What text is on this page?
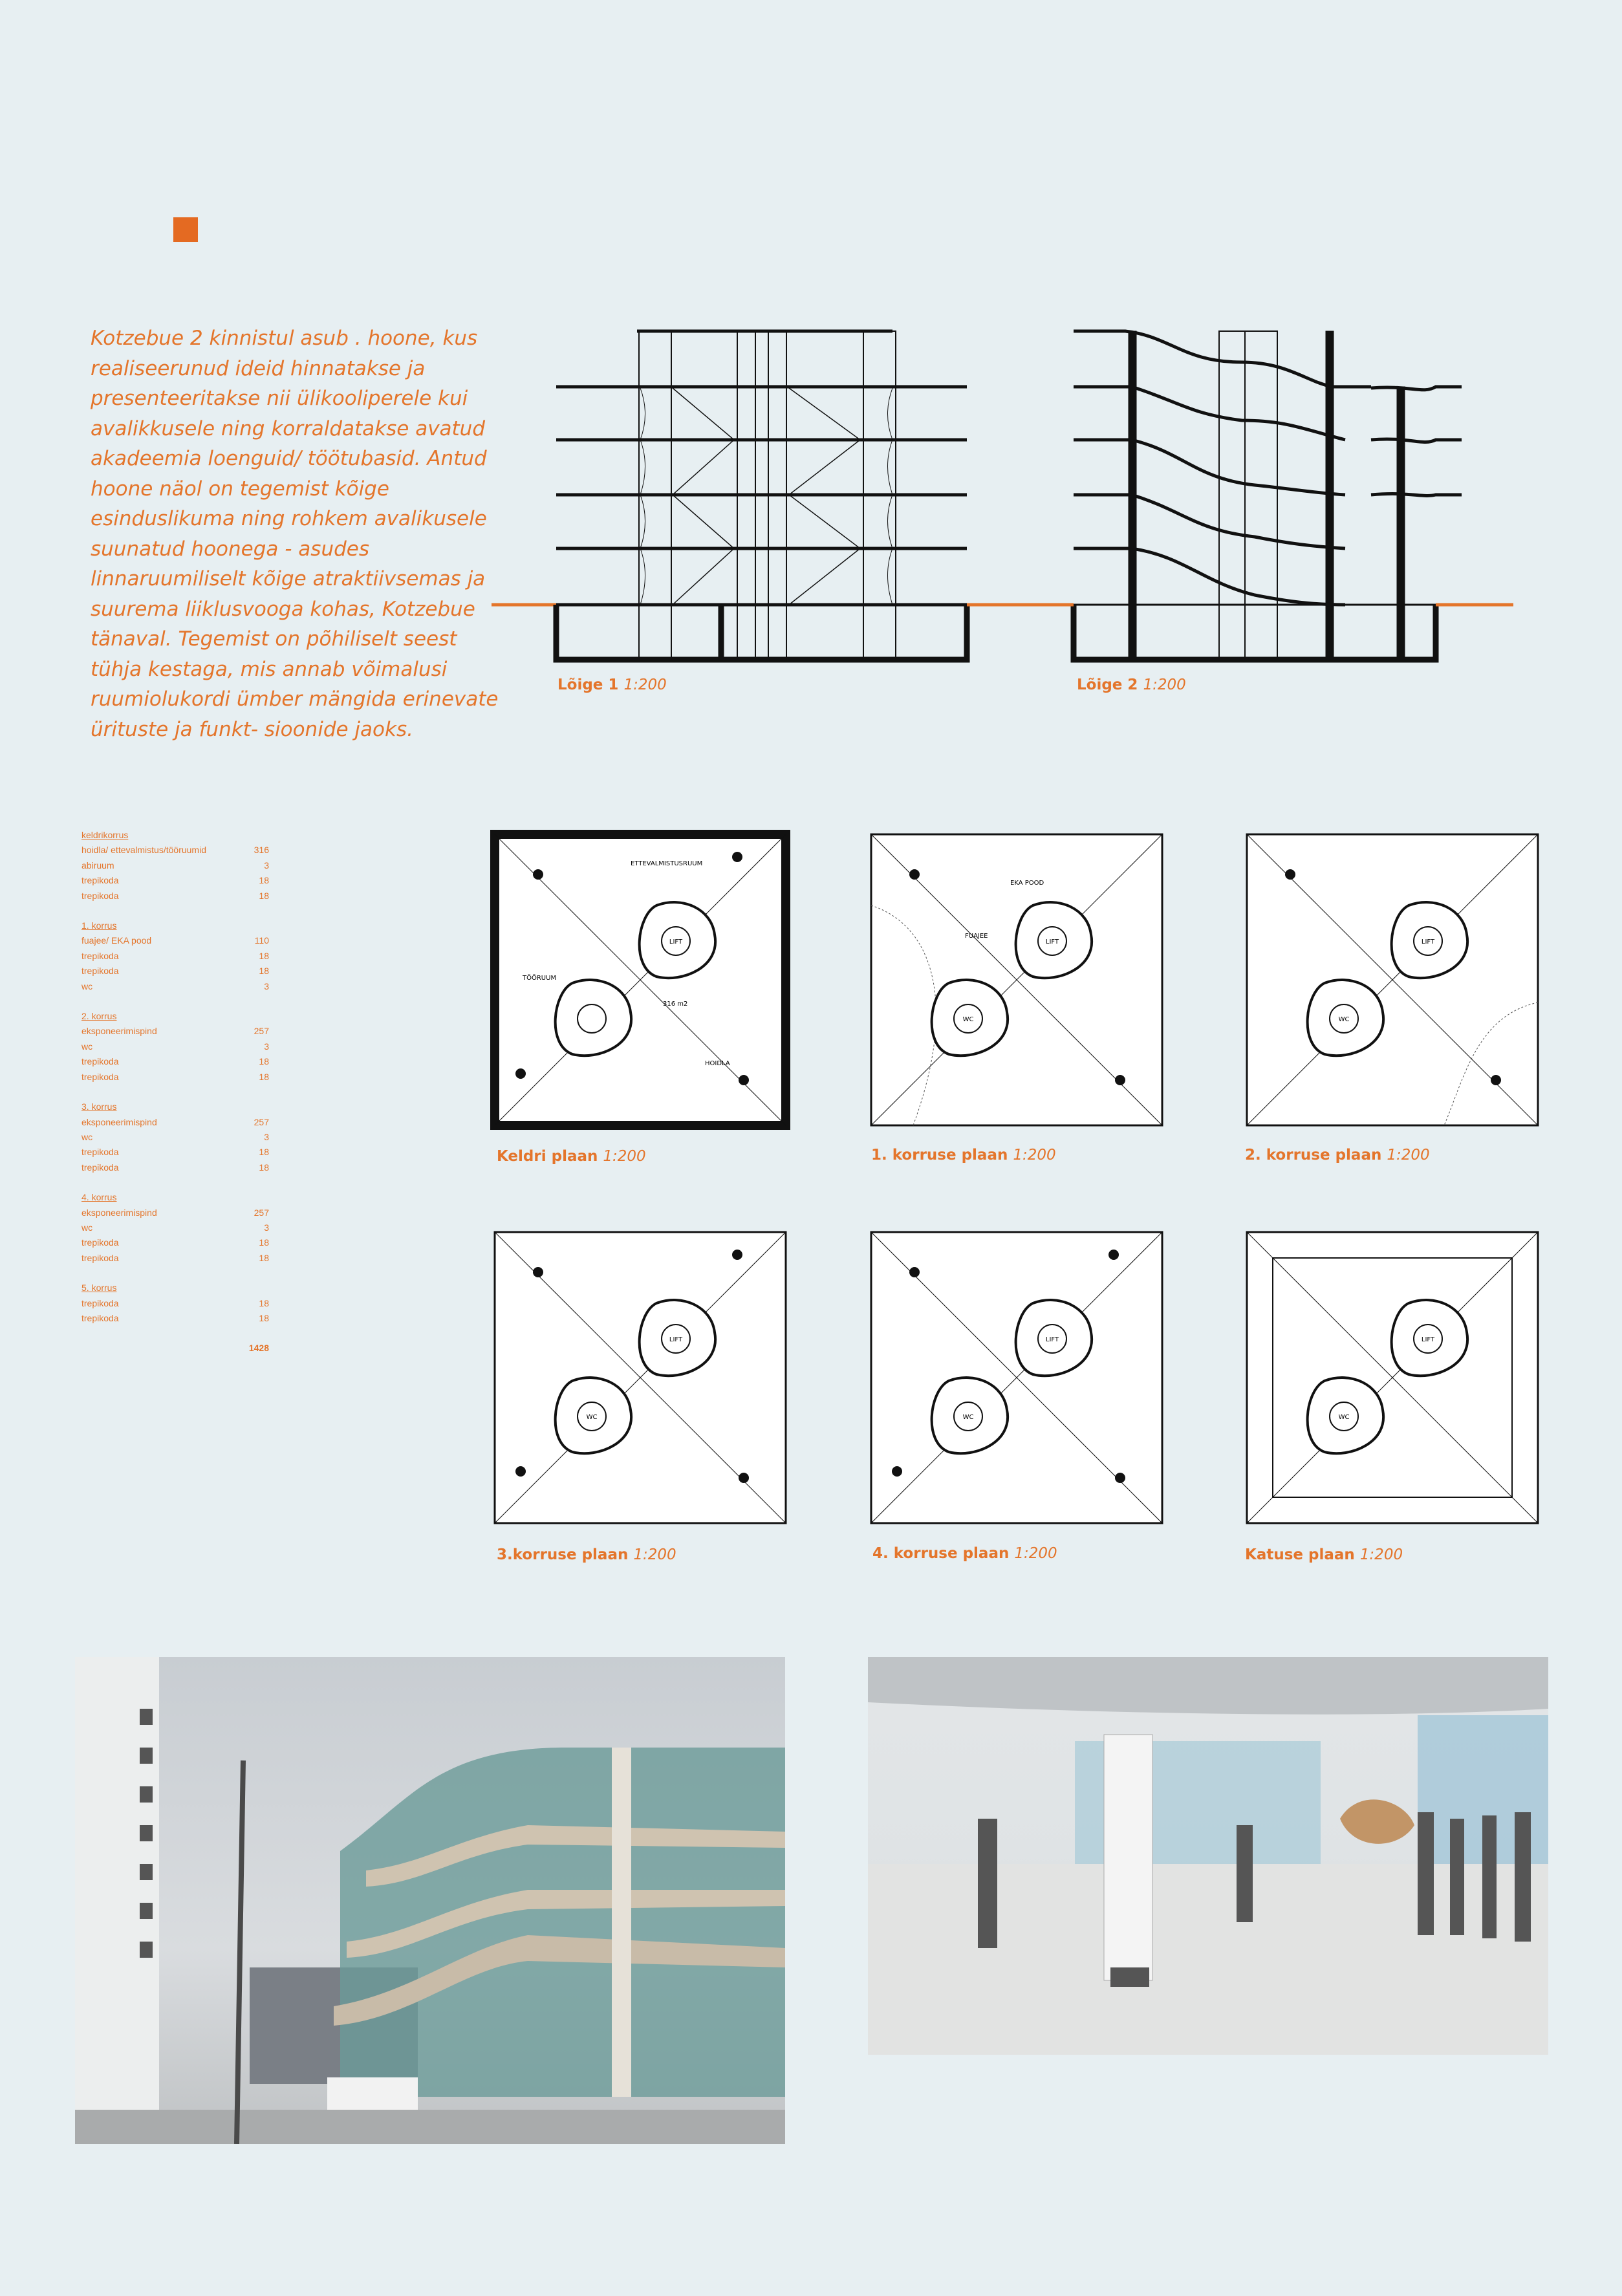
Kotzebue 2 kinnistul asub . hoone, kus realiseerunud ideid hinnatakse ja presenteeritakse nii ülikooliperele kui avalikkusele ning korraldatakse avatud akadeemia loenguid/ töötubasid. Antud hoone näol on tegemist kõige esinduslikuma ning rohkem avalikusele suunatud hoonega - asudes linnaruumiliselt kõige atraktiivsemas ja suurema liiklusvooga kohas, Kotzebue tänaval. Tegemist on põhiliselt seest tühja kestaga, mis annab võimalusi ruumiolukordi ümber mängida erinevate ürituste ja funkt- sioonide jaoks.
Lõige 1 1:200	Lõige 2 1:200
keldrikorrus
hoidla/ ettevalmistus/tööruumid	316
abiruum	3
trepikoda	18
trepikoda	18
1. korrus
fuajee/ EKA pood	110
trepikoda	18
trepikoda	18
wc	3
2. korrus
eksponeerimispind	257
wc	3
trepikoda	18
trepikoda	18
3. korrus
eksponeerimispind	257
wc	3
trepikoda	18
trepikoda	18
4. korrus
eksponeerimispind	257
wc	3
trepikoda	18
trepikoda	18
5. korrus
trepikoda	18
trepikoda	18
1428
ETTEVALMISTUSRUUM
LIFT
TÖÖRUUM
316 m2
HOIDLA
EKA POOD
FUAJEE
LIFT
WC
LIFT
WC
LIFT
WC
LIFT
WC
LIFT
WC
Keldri plaan 1:200	1. korruse plaan 1:200	2. korruse plaan 1:200
3.korruse plaan 1:200	4. korruse plaan 1:200	Katuse plaan 1:200
